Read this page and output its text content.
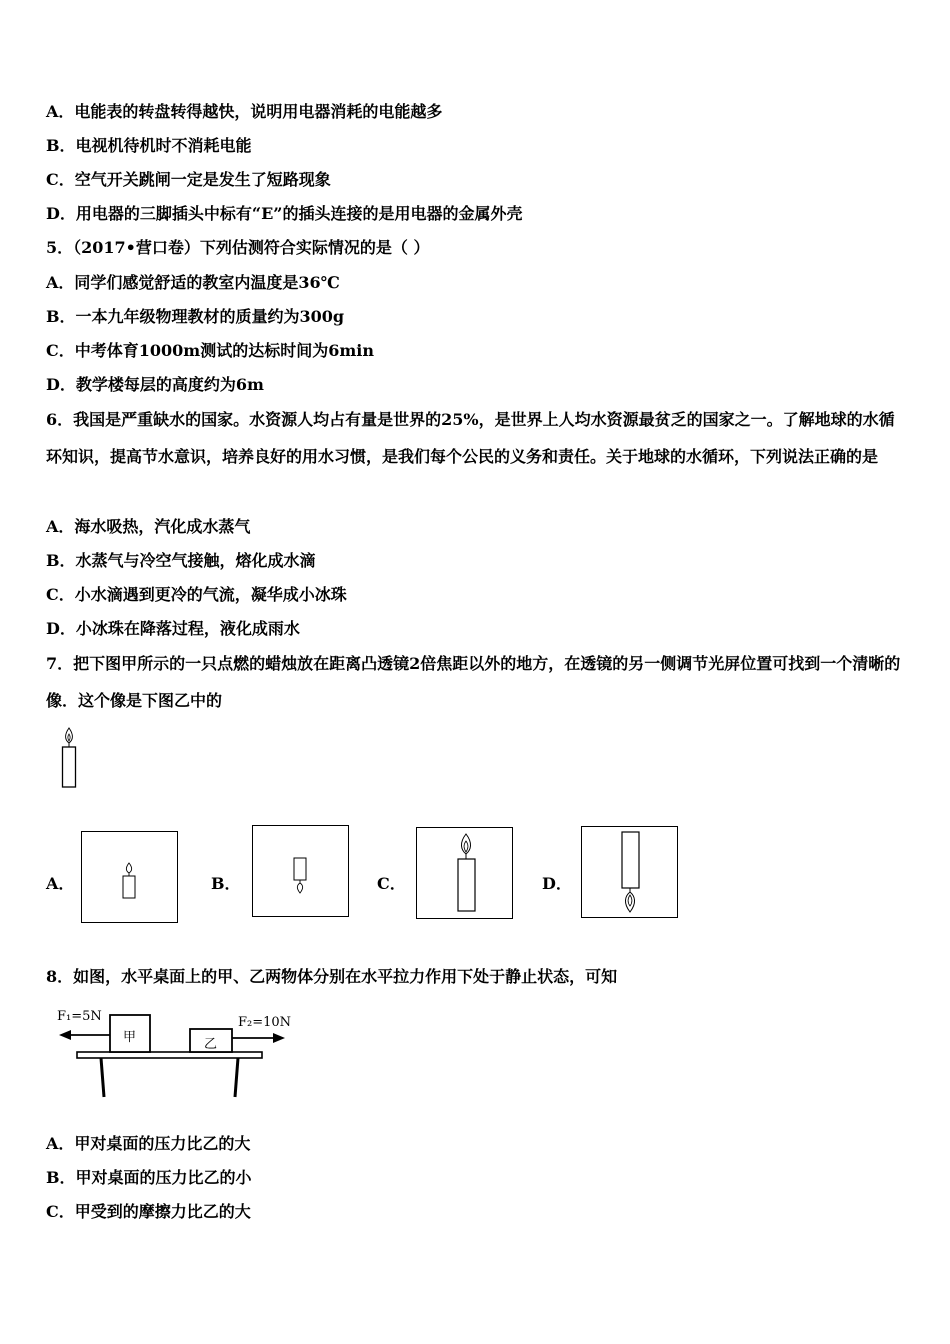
A．电能表的转盘转得越快，说明用电器消耗的电能越多
B．电视机待机时不消耗电能
C．空气开关跳闸一定是发生了短路现象
D．用电器的三脚插头中标有“E”的插头连接的是用电器的金属外壳
5．（2017•营口卷）下列估测符合实际情况的是（ ）
A．同学们感觉舒适的教室内温度是36℃
B．一本九年级物理教材的质量约为300g
C．中考体育1000m测试的达标时间为6min
D．教学楼每层的高度约为6m
6．我国是严重缺水的国家。水资源人均占有量是世界的25%，是世界上人均水资源最贫乏的国家之一。了解地球的水循环知识，提高节水意识，培养良好的用水习惯，是我们每个公民的义务和责任。关于地球的水循环，下列说法正确的是
A．海水吸热，汽化成水蒸气
B．水蒸气与冷空气接触，熔化成水滴
C．小水滴遇到更冷的气流，凝华成小冰珠
D．小冰珠在降落过程，液化成雨水
7．把下图甲所示的一只点燃的蜡烛放在距离凸透镜2倍焦距以外的地方，在透镜的另一侧调节光屏位置可找到一个清晰的像．这个像是下图乙中的
A．	B．	C．	D．
8．如图，水平桌面上的甲、乙两物体分别在水平拉力作用下处于静止状态，可知
F₁=5N	F₂=10N
甲	乙
A．甲对桌面的压力比乙的大
B．甲对桌面的压力比乙的小
C．甲受到的摩擦力比乙的大
